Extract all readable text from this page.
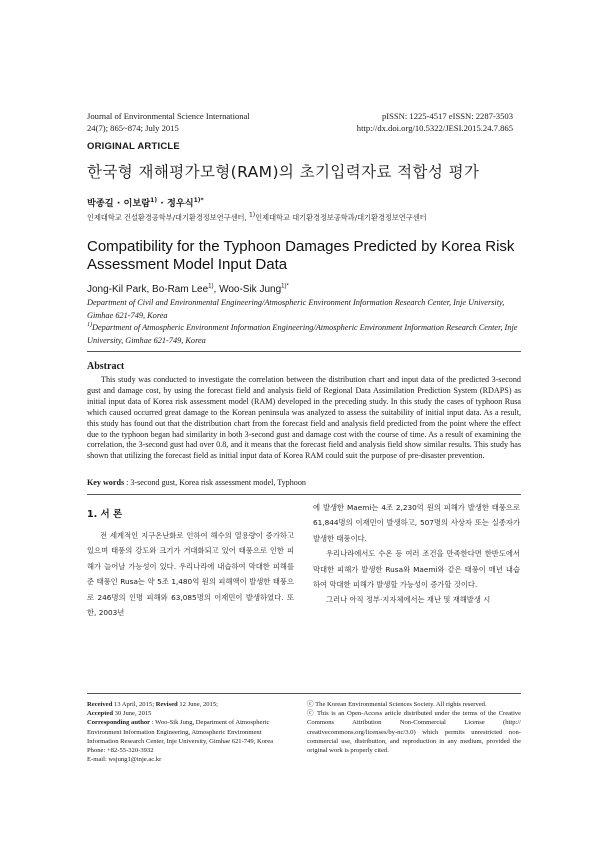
Journal of Environmental Science International
24(7); 865~874; July 2015
pISSN: 1225-4517 eISSN: 2287-3503
http://dx.doi.org/10.5322/JESI.2015.24.7.865
ORIGINAL ARTICLE
한국형 재해평가모형(RAM)의 초기입력자료 적합성 평가
박종길 · 이보람$^{1)}$ · 정우식$^{1)*}$
인제대학교 건설환경공학부/대기환경정보연구센터, $^{1)}$인제대학교 대기환경정보공학과/대기환경정보연구센터
Compatibility for the Typhoon Damages Predicted by Korea Risk Assessment Model Input Data
Jong-Kil Park, Bo-Ram Lee$^{1)}$, Woo-Sik Jung$^{1)*}$
Department of Civil and Environmental Engineering/Atmospheric Environment Information Research Center, Inje University, Gimhae 621-749, Korea
$^{1)}$Department of Atmospheric Environment Information Engineering/Atmospheric Environment Information Research Center, Inje University, Gimhae 621-749, Korea
Abstract
This study was conducted to investigate the correlation between the distribution chart and input data of the predicted 3-second gust and damage cost, by using the forecast field and analysis field of Regional Data Assimilation Prediction System (RDAPS) as initial input data of Korea risk assessment model (RAM) developed in the preceding study. In this study the cases of typhoon Rusa which caused occurred great damage to the Korean peninsula was analyzed to assess the suitability of initial input data. As a result, this study has found out that the distribution chart from the forecast field and analysis field predicted from the point where the effect due to the typhoon began had similarity in both 3-second gust and damage cost with the course of time. As a result of examining the correlation, the 3-second gust had over 0.8, and it means that the forecast field and analysis field show similar results. This study has shown that utilizing the forecast field as initial input data of Korea RAM could suit the purpose of pre-disaster prevention.
Key words : 3-second gust, Korea risk assessment model, Typhoon
1. 서 론

전 세계적인 지구온난화로 인하여 해수의 열용량이 증가하고 있으며 태풍의 강도와 크기가 거대화되고 있어 태풍으로 인한 피해가 늘어날 가능성이 있다. 우리나라에 내습하여 막대한 피해를 준 태풍인 Rusa는 약 5조 1,480억 원의 피해액이 발생한 태풍으로 246명의 인명 피해와 63,085명의 이재민이 발생하였다. 또한, 2003년

에 발생한 Maemi는 4조 2,230억 원의 피해가 발생한 태풍으로 61,844명의 이재민이 발생하고, 507명의 사상자 또는 실종자가 발생한 태풍이다.

우리나라에서도 수온 등 여러 조건을 만족한다면 한반도에서 막대한 피해가 발생한 Rusa와 Maemi와 같은 태풍이 매년 내습하여 막대한 피해가 발생할 가능성이 증가할 것이다.

그러나 아직 정부·지자체에서는 재난 및 재해발생 시

Received 13 April, 2015; Revised 12 June, 2015;
Accepted 30 June, 2015
Corresponding author : Woo-Sik Jung, Department of Atmospheric Environment Information Engineering, Atmospheric Environment Information Research Center, Inje University, Gimhae 621-749, Korea
Phone: +82-55-320-3932
E-mail: wsjung1@inje.ac.kr
ⓒ The Korean Environmental Sciences Society. All rights reserved.
ⓒ This is an Open-Access article distributed under the terms of the Creative Commons Attribution Non-Commercial License (http:// creativecommons.org/licenses/by-nc/3.0) which permits unrestricted non-commercial use, distribution, and reproduction in any medium, provided the original work is properly cited.
